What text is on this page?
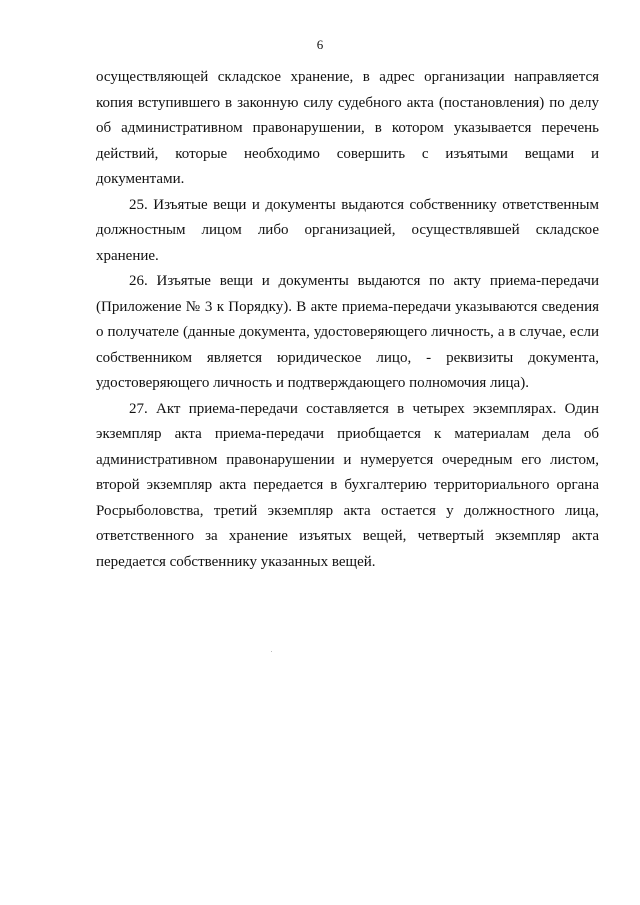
6

осуществляющей складское хранение, в адрес организации направляется копия вступившего в законную силу судебного акта (постановления) по делу об административном правонарушении, в котором указывается перечень действий, которые необходимо совершить с изъятыми вещами и документами.

25. Изъятые вещи и документы выдаются собственнику ответственным должностным лицом либо организацией, осуществлявшей складское хранение.

26. Изъятые вещи и документы выдаются по акту приема-передачи (Приложение № 3 к Порядку). В акте приема-передачи указываются сведения о получателе (данные документа, удостоверяющего личность, а в случае, если собственником является юридическое лицо, - реквизиты документа, удостоверяющего личность и подтверждающего полномочия лица).

27. Акт приема-передачи составляется в четырех экземплярах. Один экземпляр акта приема-передачи приобщается к материалам дела об административном правонарушении и нумеруется очередным его листом, второй экземпляр акта передается в бухгалтерию территориального органа Росрыболовства, третий экземпляр акта остается у должностного лица, ответственного за хранение изъятых вещей, четвертый экземпляр акта передается собственнику указанных вещей.
